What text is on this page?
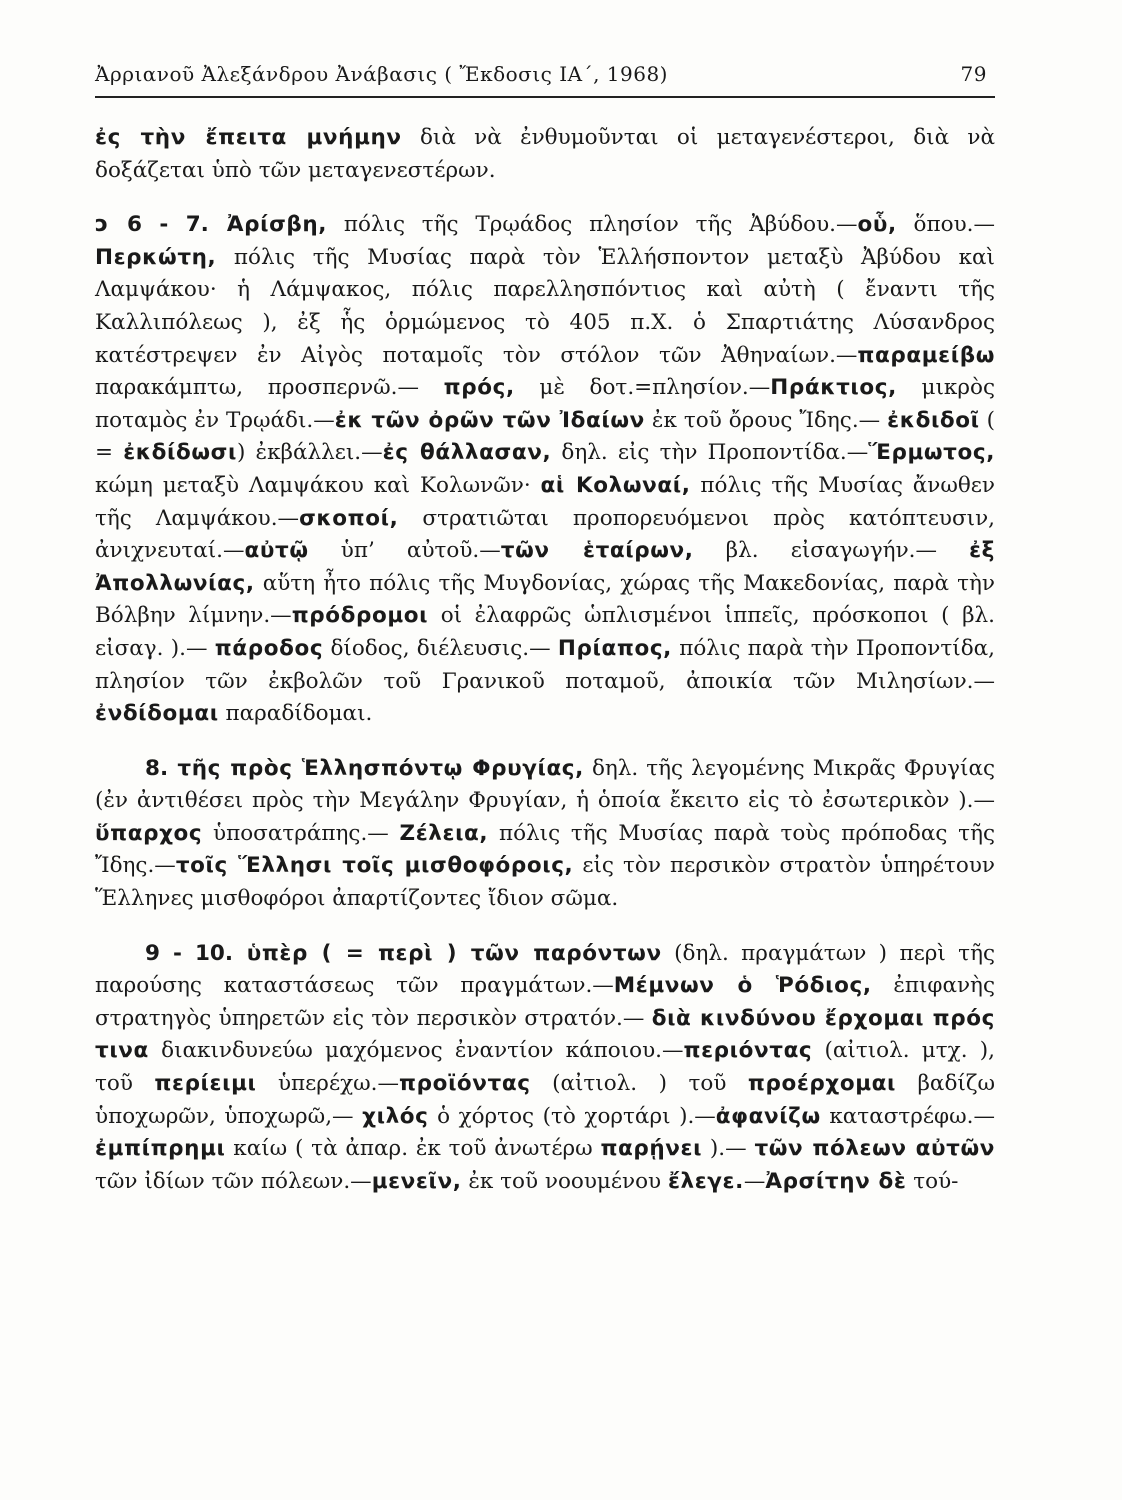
Ἀρριανοῦ Ἀλεξάνδρου Ἀνάβασις ( Ἔκδοσις ΙΑ΄, 1968)	79

ἐς τὴν ἔπειτα μνήμην διὰ νὰ ἐνθυμοῦνται οἱ μεταγενέστεροι, διὰ νὰ δοξάζεται ὑπὸ τῶν μεταγενεστέρων.

ↄ 6 - 7. Ἀρίσβη, πόλις τῆς Τρῳάδος πλησίον τῆς Ἀβύδου.—οὗ, ὅπου.—Περκώτη, πόλις τῆς Μυσίας παρὰ τὸν Ἑλλήσποντον μεταξὺ Ἀβύδου καὶ Λαμψάκου· ἡ Λάμψακος, πόλις παρελλησπόντιος καὶ αὐτὴ ( ἔναντι τῆς Καλλιπόλεως ), ἐξ ἧς ὁρμώμενος τὸ 405 π.Χ. ὁ Σπαρτιάτης Λύσανδρος κατέστρεψεν ἐν Αἰγὸς ποταμοῖς τὸν στόλον τῶν Ἀθηναίων.—παραμείβω παρακάμπτω, προσπερνῶ.— πρός, μὲ δοτ.=πλησίον.—Πράκτιος, μικρὸς ποταμὸς ἐν Τρῳάδι.—ἐκ τῶν ὀρῶν τῶν Ἰδαίων ἐκ τοῦ ὄρους Ἴδης.— ἐκδιδοῖ ( = ἐκδίδωσι) ἐκβάλλει.—ἐς θάλλασαν, δηλ. εἰς τὴν Προποντίδα.—Ἕρμωτος, κώμη μεταξὺ Λαμψάκου καὶ Κολωνῶν· αἱ Κολωναί, πόλις τῆς Μυσίας ἄνωθεν τῆς Λαμψάκου.—σκοποί, στρατιῶται προπορευόμενοι πρὸς κατόπτευσιν, ἀνιχνευταί.—αὐτῷ ὑπ’ αὐτοῦ.—τῶν ἑταίρων, βλ. εἰσαγωγήν.— ἐξ Ἀπολλωνίας, αὕτη ἦτο πόλις τῆς Μυγδονίας, χώρας τῆς Μακεδονίας, παρὰ τὴν Βόλβην λίμνην.—πρόδρομοι οἱ ἐλαφρῶς ὡπλισμένοι ἱππεῖς, πρόσκοποι ( βλ. εἰσαγ. ).— πάροδος δίοδος, διέλευσις.— Πρίαπος, πόλις παρὰ τὴν Προποντίδα, πλησίον τῶν ἐκβολῶν τοῦ Γρανικοῦ ποταμοῦ, ἀποικία τῶν Μιλησίων.—ἐνδίδομαι παραδίδομαι.

8. τῆς πρὸς Ἑλλησπόντῳ Φρυγίας, δηλ. τῆς λεγομένης Μικρᾶς Φρυγίας (ἐν ἀντιθέσει πρὸς τὴν Μεγάλην Φρυγίαν, ἡ ὁποία ἔκειτο εἰς τὸ ἐσωτερικὸν ).— ὕπαρχος ὑποσατράπης.— Ζέλεια, πόλις τῆς Μυσίας παρὰ τοὺς πρόποδας τῆς Ἴδης.—τοῖς Ἕλλησι τοῖς μισθοφόροις, εἰς τὸν περσικὸν στρατὸν ὑπηρέτουν Ἕλληνες μισθοφόροι ἀπαρτίζοντες ἴδιον σῶμα.

9 - 10. ὑπὲρ ( = περὶ ) τῶν παρόντων (δηλ. πραγμάτων ) περὶ τῆς παρούσης καταστάσεως τῶν πραγμάτων.—Μέμνων ὁ Ῥόδιος, ἐπιφανὴς στρατηγὸς ὑπηρετῶν εἰς τὸν περσικὸν στρατόν.— διὰ κινδύνου ἔρχομαι πρός τινα διακινδυνεύω μαχόμενος ἐναντίον κάποιου.—περιόντας (αἰτιολ. μτχ. ), τοῦ περίειμι ὑπερέχω.—προϊόντας (αἰτιολ. ) τοῦ προέρχομαι βαδίζω ὑποχωρῶν, ὑποχωρῶ,— χιλός ὁ χόρτος (τὸ χορτάρι ).—ἀφανίζω καταστρέφω.—ἐμπίπρημι καίω ( τὰ ἀπαρ. ἐκ τοῦ ἀνωτέρω παρῄνει ).— τῶν πόλεων αὐτῶν τῶν ἰδίων τῶν πόλεων.—μενεῖν, ἐκ τοῦ νοουμένου ἔλεγε.—Ἀρσίτην δὲ τού-
